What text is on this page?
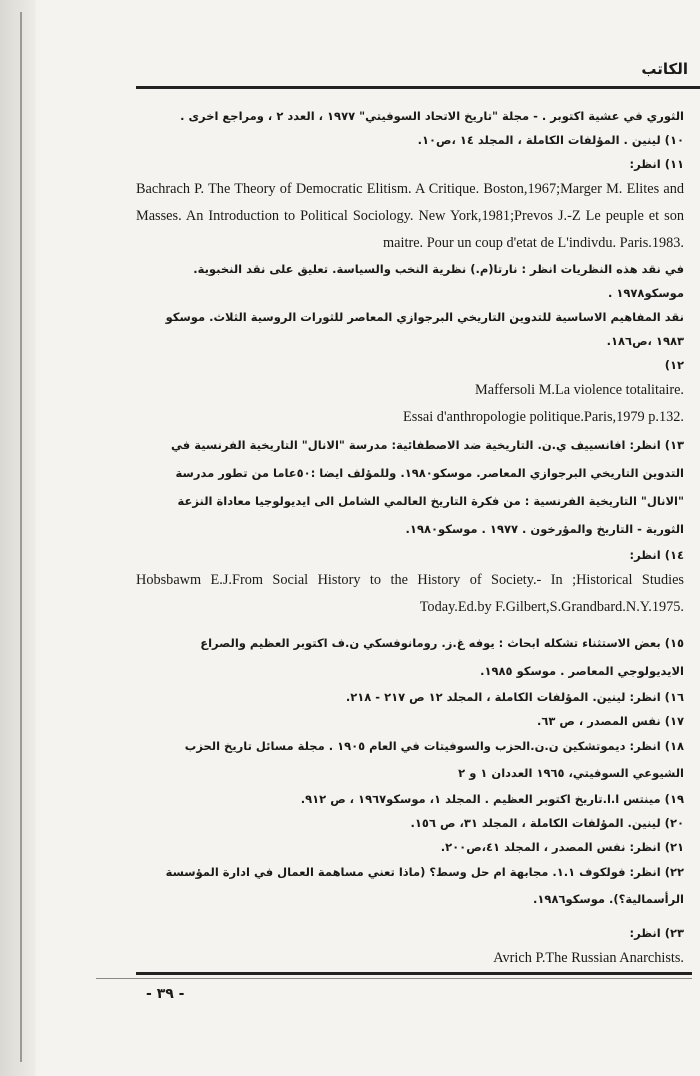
الكاتب

الثوري في عشية اكتوبر . - مجلة "تاريخ الاتحاد السوفيتي" ١٩٧٧ ، العدد ٢ ، ومراجع اخرى .

١٠) لينين . المؤلفات الكاملة ، المجلد ١٤ ،ص١٠.

١١) انظر:

Bachrach P. The Theory of Democratic Elitism. A Critique. Boston,1967;Marger M. Elites and Masses. An Introduction to Political Sociology. New York,1981;Prevos J.-Z Le peuple et son maitre. Pour un coup d'etat de L'indivdu. Paris.1983.

في نقد هذه النظريات انظر : نارتا(م.) نظرية النخب والسياسة. تعليق على نقد النخبوية. موسكو١٩٧٨ .

نقد المفاهيم الاساسية للتدوين التاريخي البرجوازي المعاصر للثورات الروسية الثلاث. موسكو ١٩٨٣ ،ص١٨٦.

١٢)

Maffersoli M.La violence totalitaire.

Essai d'anthropologie politique.Paris,1979 p.132.

١٣) انظر: افانسييف ي.ن. التاريخية ضد الاصطفائية: مدرسة "الانال" التاريخية الفرنسية في التدوين التاريخي البرجوازي المعاصر. موسكو١٩٨٠. وللمؤلف ايضا :٥٠عاما من تطور مدرسة "الانال" التاريخية الفرنسية : من فكرة التاريخ العالمي الشامل الى ايديولوجيا معاداة النزعة الثورية - التاريخ والمؤرخون . ١٩٧٧ . موسكو١٩٨٠.

١٤) انظر:

Hobsbawm E.J.From Social History to the History of Society.- In ;Historical Studies Today.Ed.by F.Gilbert,S.Grandbard.N.Y.1975.

١٥) بعض الاستثناء تشكله ابحاث : يوفه غ.ز. رومانوفسكي ن.ف اكتوبر العظيم والصراع الايديولوجي المعاصر . موسكو ١٩٨٥.

١٦) انظر: لينين. المؤلفات الكاملة ، المجلد ١٢ ص ٢١٧ - ٢١٨.

١٧) نفس المصدر ، ص ٦٣.

١٨) انظر: ديموتشكين ن.ن.الحزب والسوفيتات في العام ١٩٠٥ . مجلة مسائل تاريخ الحزب الشيوعي السوفيتي، ١٩٦٥ العددان ١ و ٢

١٩) مينتس ا.ا.تاريخ اكتوبر العظيم . المجلد ١، موسكو١٩٦٧ ، ص ٩١٢.

٢٠) لينين. المؤلفات الكاملة ، المجلد ٣١، ص ١٥٦.

٢١) انظر: نفس المصدر ، المجلد ٤١،ص٢٠٠.

٢٢) انظر: فولكوف ١.١. مجابهة ام حل وسط؟ (ماذا تعني مساهمة العمال في ادارة المؤسسة الرأسمالية؟). موسكو١٩٨٦.

٢٣) انظر:

Avrich P.The Russian Anarchists.

- ٣٩ -
